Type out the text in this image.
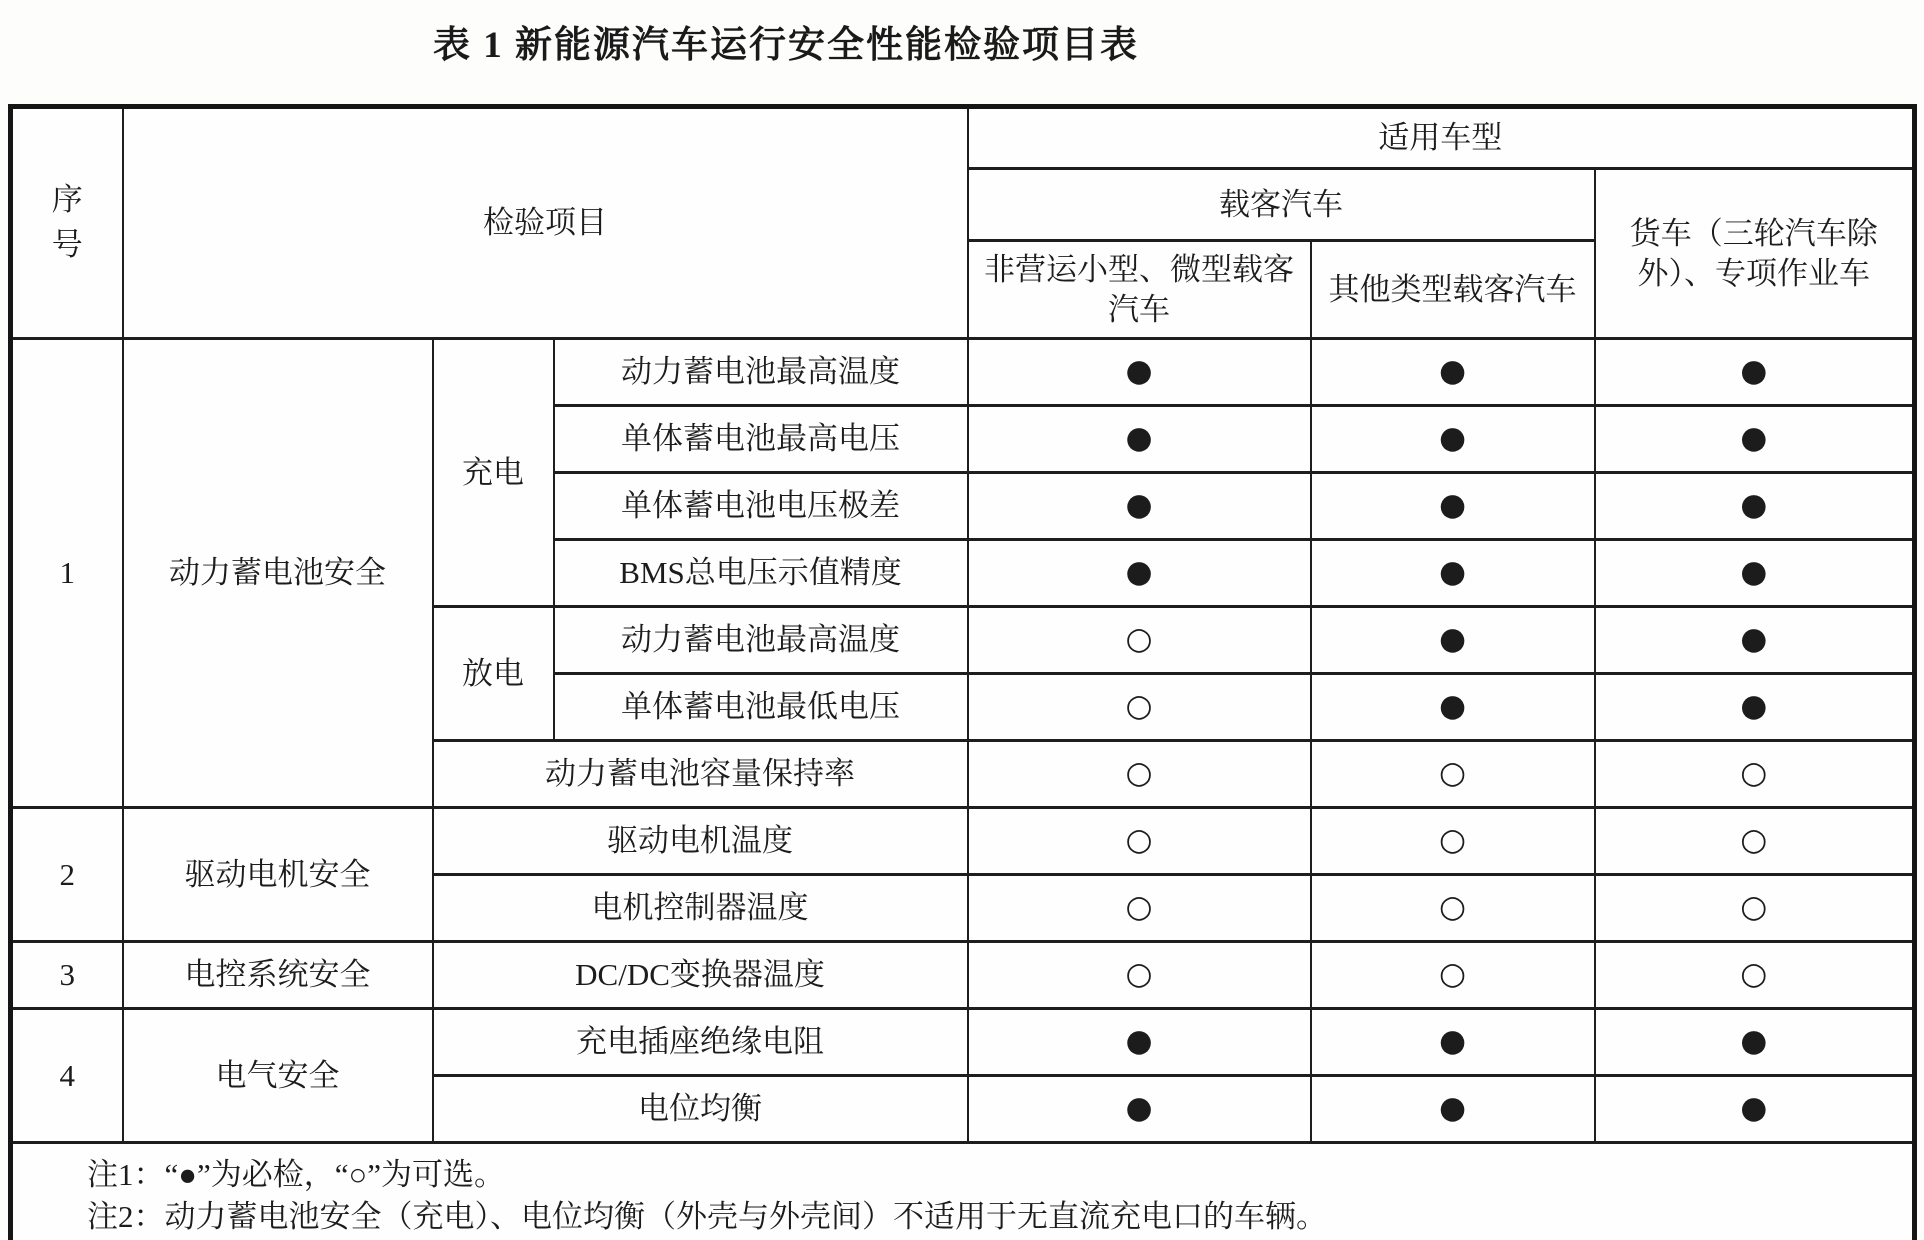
表 1 新能源汽车运行安全性能检验项目表
序号	检验项目			适用车型		
				载客汽车		货车（三轮汽车除外）、专项作业车
				非营运小型、微型载客汽车	其他类型载客汽车	
1	动力蓄电池安全	充电	动力蓄电池最高温度	●	●	●
			单体蓄电池最高电压	●	●	●
			单体蓄电池电压极差	●	●	●
			BMS总电压示值精度	●	●	●
		放电	动力蓄电池最高温度	○	●	●
			单体蓄电池最低电压	○	●	●
		动力蓄电池容量保持率		○	○	○
2	驱动电机安全	驱动电机温度		○	○	○
		电机控制器温度		○	○	○
3	电控系统安全	DC/DC变换器温度		○	○	○
4	电气安全	充电插座绝缘电阻		●	●	●
		电位均衡		●	●	●

注1：“●”为必检，“○”为可选。
注2：动力蓄电池安全（充电）、电位均衡（外壳与外壳间）不适用于无直流充电口的车辆。						
